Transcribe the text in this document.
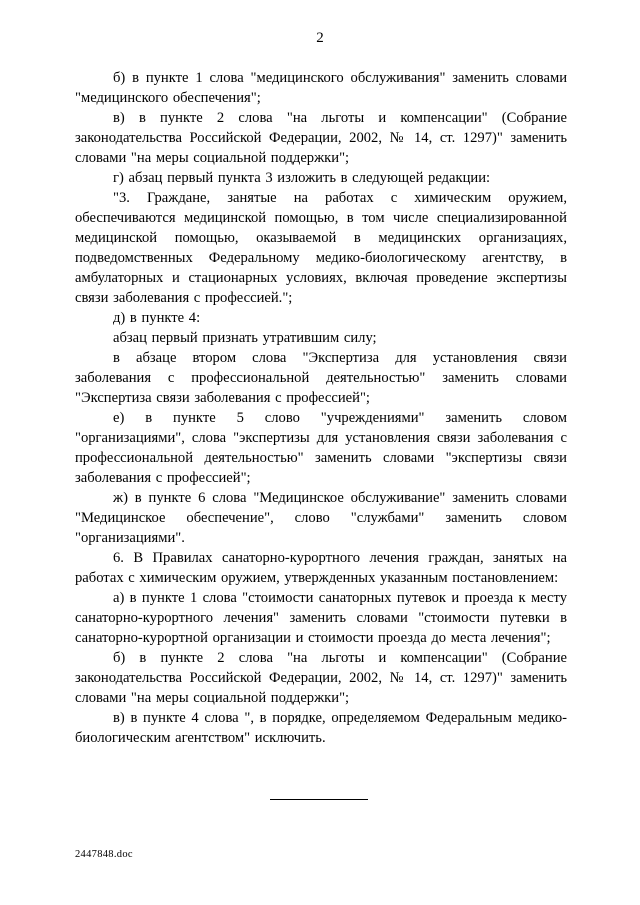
2

б) в пункте 1 слова "медицинского обслуживания" заменить словами "медицинского обеспечения";

в) в пункте 2 слова "на льготы и компенсации" (Собрание законодательства Российской Федерации, 2002, № 14, ст. 1297)" заменить словами "на меры социальной поддержки";

г) абзац первый пункта 3 изложить в следующей редакции:

"3. Граждане, занятые на работах с химическим оружием, обеспечиваются медицинской помощью, в том числе специализированной медицинской помощью, оказываемой в медицинских организациях, подведомственных Федеральному медико-биологическому агентству, в амбулаторных и стационарных условиях, включая проведение экспертизы связи заболевания с профессией.";

д) в пункте 4:

абзац первый признать утратившим силу;

в абзаце втором слова "Экспертиза для установления связи заболевания с профессиональной деятельностью" заменить словами "Экспертиза связи заболевания с профессией";

е) в пункте 5 слово "учреждениями" заменить словом "организациями", слова "экспертизы для установления связи заболевания с профессиональной деятельностью" заменить словами "экспертизы связи заболевания с профессией";

ж) в пункте 6 слова "Медицинское обслуживание" заменить словами "Медицинское обеспечение", слово "службами" заменить словом "организациями".

6. В Правилах санаторно-курортного лечения граждан, занятых на работах с химическим оружием, утвержденных указанным постановлением:

а) в пункте 1 слова "стоимости санаторных путевок и проезда к месту санаторно-курортного лечения" заменить словами "стоимости путевки в санаторно-курортной организации и стоимости проезда до места лечения";

б) в пункте 2 слова "на льготы и компенсации" (Собрание законодательства Российской Федерации, 2002, № 14, ст. 1297)" заменить словами "на меры социальной поддержки";

в) в пункте 4 слова ", в порядке, определяемом Федеральным медико-биологическим агентством" исключить.

2447848.doc
